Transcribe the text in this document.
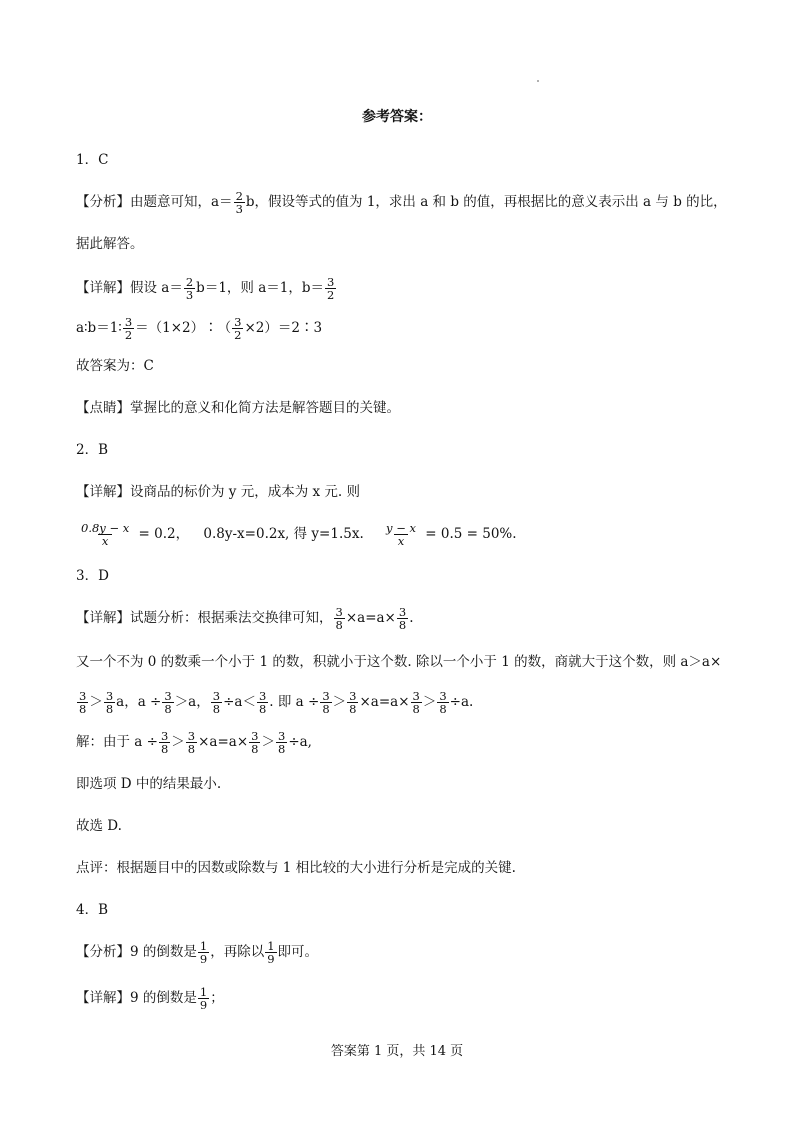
参考答案：
1．C
【分析】由题意可知，$a= \frac{2}{3}$ b，假设等式的值为 1，求出 a 和 b 的值，再根据比的意义表示出 a 与 b 的比，
据此解答。
【详解】假设 $a= \frac{2}{3} b=1$，则 a＝1，$b= \frac{3}{2}$
a∶b＝1∶ $\frac{3}{2}$ ＝（1×2）∶（ $\frac{3}{2}$ ×2）＝2∶3
故答案为：C
【点睛】掌握比的意义和化简方法是解答题目的关键。
2．B
【详解】设商品的标价为 y 元，成本为 x 元. 则
$\frac{0.8y - x}{x} = 0.2$， 0.8y-x=0.2x, 得 y=1.5x. $\frac{y - x}{x} = 0.5 = 50\%$.
3．D
【详解】试题分析：根据乘法交换律可知， $\frac{3}{8} \times a=a\times \frac{3}{8}$ .
又一个不为 0 的数乘一个小于 1 的数，积就小于这个数. 除以一个小于 1 的数，商就大于这个数，则 a＞a×
$\frac{3}{8} > \frac{3}{8}$ a，$a \div \frac{3}{8} >a$， $\frac{3}{8} \div a< \frac{3}{8}$ . 即 $a \div \frac{3}{8} > \frac{3}{8} \times a=a\times \frac{3}{8} > \frac{3}{8} \div a$.
解：由于 $a \div \frac{3}{8} > \frac{3}{8} \times a=a\times \frac{3}{8} > \frac{3}{8} \div a$,
即选项 D 中的结果最小.
故选 D.
点评：根据题目中的因数或除数与 1 相比较的大小进行分析是完成的关键.
4．B
【分析】9 的倒数是 $\frac{1}{9}$ ，再除以 $\frac{1}{9}$ 即可。
【详解】9 的倒数是 $\frac{1}{9}$ ；
答案第 1 页，共 14 页
